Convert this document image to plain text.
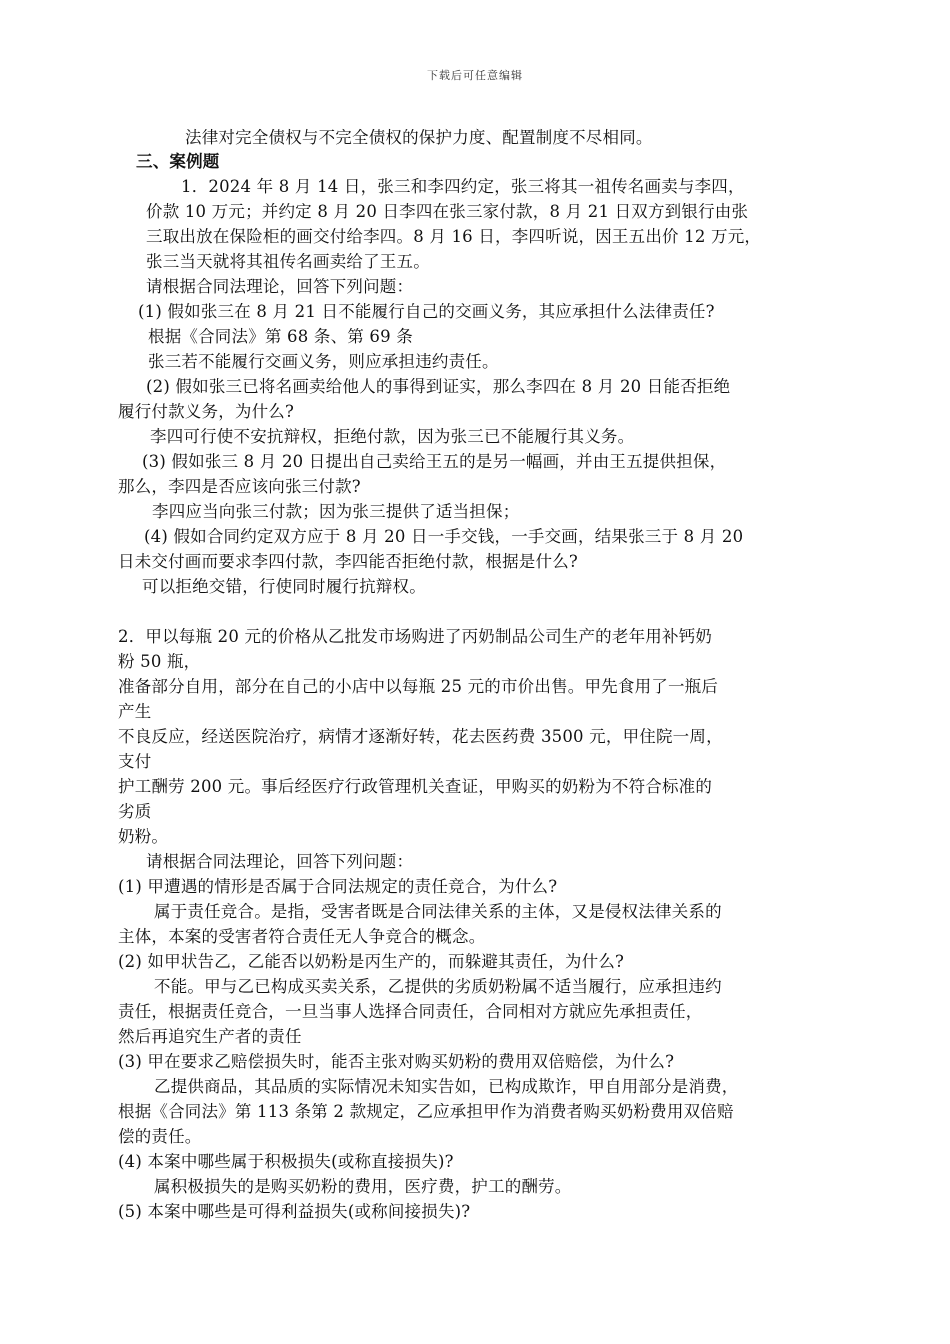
下载后可任意编辑
法律对完全债权与不完全债权的保护力度、配置制度不尽相同。
三、案例题
1．2024 年 8 月 14 日，张三和李四约定，张三将其一祖传名画卖与李四，
价款 10 万元；并约定 8 月 20 日李四在张三家付款，8 月 21 日双方到银行由张
三取出放在保险柜的画交付给李四。8 月 16 日，李四听说，因王五出价 12 万元，
张三当天就将其祖传名画卖给了王五。
请根据合同法理论，回答下列问题：
(1) 假如张三在 8 月 21 日不能履行自己的交画义务，其应承担什么法律责任?
根据《合同法》第 68 条、第 69 条
张三若不能履行交画义务，则应承担违约责任。
(2) 假如张三已将名画卖给他人的事得到证实，那么李四在 8 月 20 日能否拒绝
履行付款义务，为什么?
李四可行使不安抗辩权，拒绝付款，因为张三已不能履行其义务。
(3) 假如张三 8 月 20 日提出自己卖给王五的是另一幅画，并由王五提供担保，
那么，李四是否应该向张三付款?
李四应当向张三付款；因为张三提供了适当担保；
(4) 假如合同约定双方应于 8 月 20 日一手交钱，一手交画，结果张三于 8 月 20
日未交付画而要求李四付款，李四能否拒绝付款，根据是什么?
可以拒绝交错，行使同时履行抗辩权。
2．甲以每瓶 20 元的价格从乙批发市场购进了丙奶制品公司生产的老年用补钙奶
粉 50 瓶，
准备部分自用，部分在自己的小店中以每瓶 25 元的市价出售。甲先食用了一瓶后
产生
不良反应，经送医院治疗，病情才逐渐好转，花去医药费 3500 元，甲住院一周，
支付
护工酬劳 200 元。事后经医疗行政管理机关查证，甲购买的奶粉为不符合标准的
劣质
奶粉。
请根据合同法理论，回答下列问题：
(1) 甲遭遇的情形是否属于合同法规定的责任竞合，为什么?
属于责任竞合。是指，受害者既是合同法律关系的主体，又是侵权法律关系的
主体，本案的受害者符合责任无人争竞合的概念。
(2) 如甲状告乙，乙能否以奶粉是丙生产的，而躲避其责任，为什么?
不能。甲与乙已构成买卖关系，乙提供的劣质奶粉属不适当履行，应承担违约
责任，根据责任竞合，一旦当事人选择合同责任，合同相对方就应先承担责任，
然后再追究生产者的责任
(3) 甲在要求乙赔偿损失时，能否主张对购买奶粉的费用双倍赔偿，为什么?
乙提供商品，其品质的实际情况未知实告如，已构成欺诈，甲自用部分是消费，
根据《合同法》第 113 条第 2 款规定，乙应承担甲作为消费者购买奶粉费用双倍赔
偿的责任。
(4) 本案中哪些属于积极损失(或称直接损失)?
属积极损失的是购买奶粉的费用，医疗费，护工的酬劳。
(5) 本案中哪些是可得利益损失(或称间接损失)?
